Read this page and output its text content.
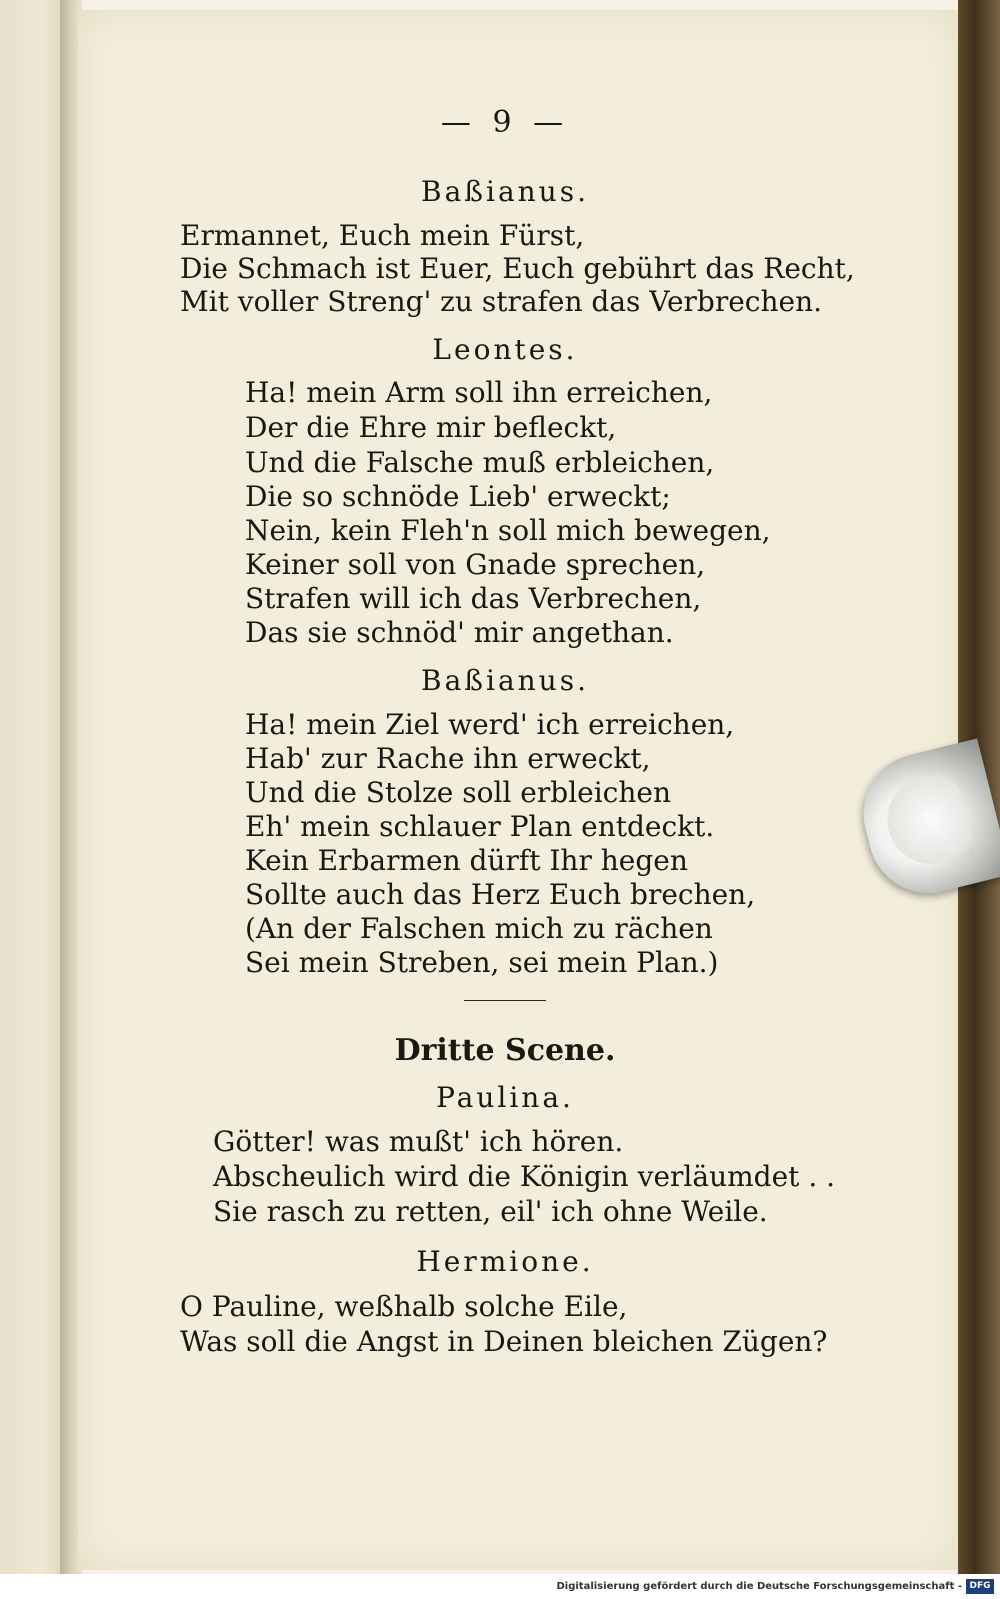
— 9 —
Baßianus.
Ermannet, Euch mein Fürst,
Die Schmach ist Euer, Euch gebührt das Recht,
Mit voller Streng' zu strafen das Verbrechen.
Leontes.
Ha! mein Arm soll ihn erreichen,
Der die Ehre mir befleckt,
Und die Falsche muß erbleichen,
Die so schnöde Lieb' erweckt;
Nein, kein Fleh'n soll mich bewegen,
Keiner soll von Gnade sprechen,
Strafen will ich das Verbrechen,
Das sie schnöd' mir angethan.
Baßianus.
Ha! mein Ziel werd' ich erreichen,
Hab' zur Rache ihn erweckt,
Und die Stolze soll erbleichen
Eh' mein schlauer Plan entdeckt.
Kein Erbarmen dürft Ihr hegen
Sollte auch das Herz Euch brechen,
(An der Falschen mich zu rächen
Sei mein Streben, sei mein Plan.)
Dritte Scene.
Paulina.
Götter! was mußt' ich hören.
Abscheulich wird die Königin verläumdet . .
Sie rasch zu retten, eil' ich ohne Weile.
Hermione.
O Pauline, weßhalb solche Eile,
Was soll die Angst in Deinen bleichen Zügen?
Digitalisierung gefördert durch die Deutsche Forschungsgemeinschaft - DFG
